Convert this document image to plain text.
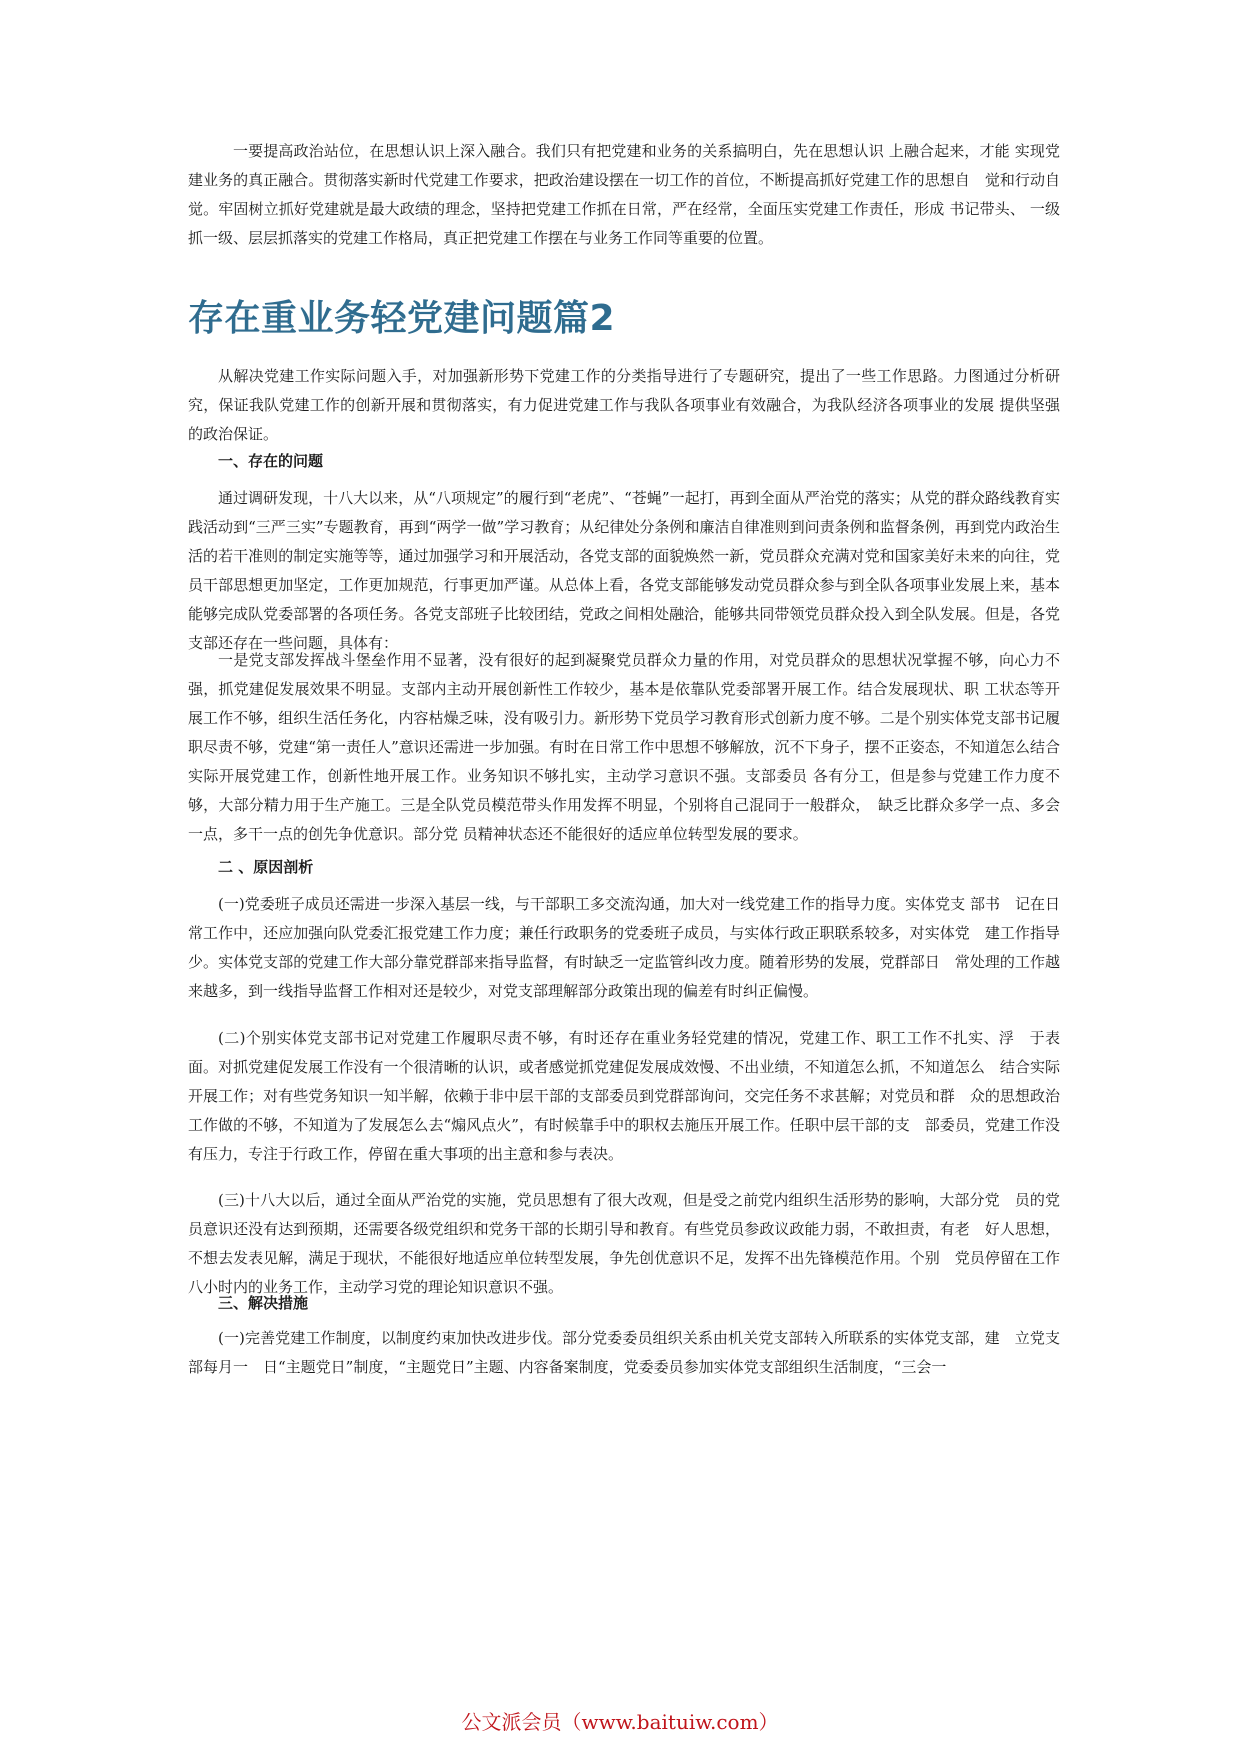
一要提高政治站位，在思想认识上深入融合。我们只有把党建和业务的关系搞明白，先在思想认识 上融合起来，才能 实现党建业务的真正融合。贯彻落实新时代党建工作要求，把政治建设摆在一切工作的首位，不断提高抓好党建工作的思想自　觉和行动自觉。牢固树立抓好党建就是最大政绩的理念，坚持把党建工作抓在日常，严在经常，全面压实党建工作责任，形成 书记带头、 一级抓一级、层层抓落实的党建工作格局，真正把党建工作摆在与业务工作同等重要的位置。

存在重业务轻党建问题篇2

从解决党建工作实际问题入手，对加强新形势下党建工作的分类指导进行了专题研究，提出了一些工作思路。力图通过分析研究，保证我队党建工作的创新开展和贯彻落实，有力促进党建工作与我队各项事业有效融合，为我队经济各项事业的发展 提供坚强的政治保证。

一、存在的问题

通过调研发现，十八大以来，从“八项规定”的履行到“老虎”、“苍蝇”一起打，再到全面从严治党的落实；从党的群众路线教育实践活动到“三严三实”专题教育，再到“两学一做”学习教育；从纪律处分条例和廉洁自律准则到问责条例和监督条例，再到党内政治生活的若干准则的制定实施等等，通过加强学习和开展活动，各党支部的面貌焕然一新，党员群众充满对党和国家美好未来的向往，党员干部思想更加坚定，工作更加规范，行事更加严谨。从总体上看，各党支部能够发动党员群众参与到全队各项事业发展上来，基本能够完成队党委部署的各项任务。各党支部班子比较团结，党政之间相处融洽，能够共同带领党员群众投入到全队发展。但是，各党支部还存在一些问题，具体有：

一是党支部发挥战斗堡垒作用不显著，没有很好的起到凝聚党员群众力量的作用，对党员群众的思想状况掌握不够，向心力不强，抓党建促发展效果不明显。支部内主动开展创新性工作较少，基本是依靠队党委部署开展工作。结合发展现状、职 工状态等开展工作不够，组织生活任务化，内容枯燥乏味，没有吸引力。新形势下党员学习教育形式创新力度不够。二是个别实体党支部书记履职尽责不够，党建“第一责任人”意识还需进一步加强。有时在日常工作中思想不够解放，沉不下身子，摆不正姿态，不知道怎么结合实际开展党建工作，创新性地开展工作。业务知识不够扎实，主动学习意识不强。支部委员 各有分工，但是参与党建工作力度不够，大部分精力用于生产施工。三是全队党员模范带头作用发挥不明显，个别将自己混同于一般群众，　缺乏比群众多学一点、多会一点，多干一点的创先争优意识。部分党 员精神状态还不能很好的适应单位转型发展的要求。

二 、原因剖析

(一)党委班子成员还需进一步深入基层一线，与干部职工多交流沟通，加大对一线党建工作的指导力度。实体党支 部书　记在日常工作中，还应加强向队党委汇报党建工作力度；兼任行政职务的党委班子成员，与实体行政正职联系较多，对实体党　建工作指导少。实体党支部的党建工作大部分靠党群部来指导监督，有时缺乏一定监管纠改力度。随着形势的发展，党群部日　常处理的工作越来越多，到一线指导监督工作相对还是较少，对党支部理解部分政策出现的偏差有时纠正偏慢。

(二)个别实体党支部书记对党建工作履职尽责不够，有时还存在重业务轻党建的情况，党建工作、职工工作不扎实、浮　于表面。对抓党建促发展工作没有一个很清晰的认识，或者感觉抓党建促发展成效慢、不出业绩，不知道怎么抓，不知道怎么　结合实际开展工作；对有些党务知识一知半解，依赖于非中层干部的支部委员到党群部询问，交完任务不求甚解；对党员和群　众的思想政治工作做的不够，不知道为了发展怎么去“煽风点火”，有时候靠手中的职权去施压开展工作。任职中层干部的支　部委员，党建工作没有压力，专注于行政工作，停留在重大事项的出主意和参与表决。

(三)十八大以后，通过全面从严治党的实施，党员思想有了很大改观，但是受之前党内组织生活形势的影响，大部分党　员的党员意识还没有达到预期，还需要各级党组织和党务干部的长期引导和教育。有些党员参政议政能力弱，不敢担责，有老　好人思想，不想去发表见解，满足于现状，不能很好地适应单位转型发展，争先创优意识不足，发挥不出先锋模范作用。个别　党员停留在工作八小时内的业务工作，主动学习党的理论知识意识不强。

三、解决措施

(一)完善党建工作制度，以制度约束加快改进步伐。部分党委委员组织关系由机关党支部转入所联系的实体党支部，建　立党支部每月一　日“主题党日”制度，“主题党日”主题、内容备案制度，党委委员参加实体党支部组织生活制度，“三会一

公文派会员（www.baituiw.com）
